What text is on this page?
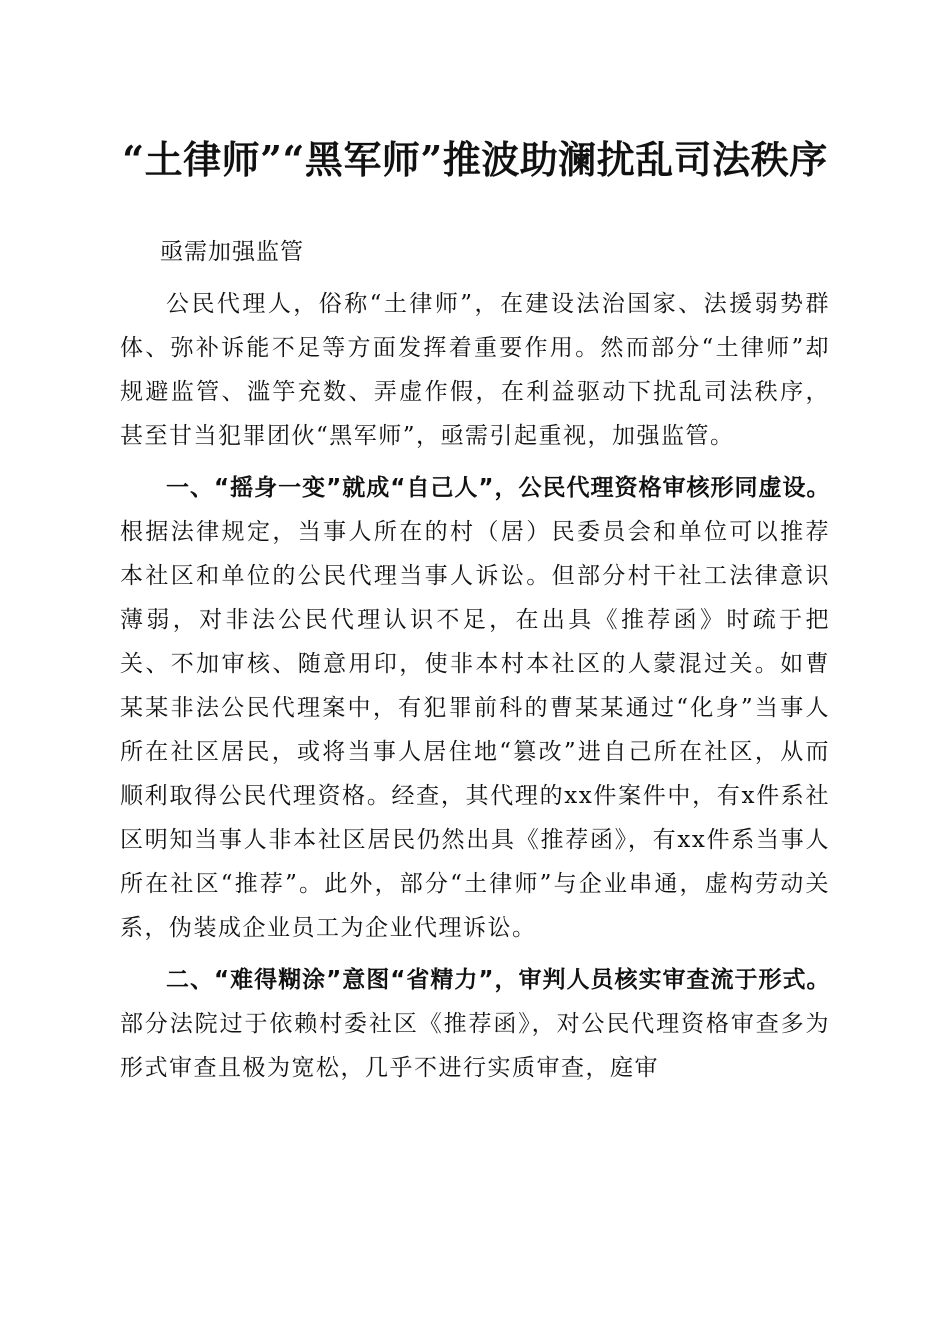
“土律师”“黑军师”推波助澜扰乱司法秩序

亟需加强监管

公民代理人，俗称“土律师”，在建设法治国家、法援弱势群体、弥补诉能不足等方面发挥着重要作用。然而部分“土律师”却规避监管、滥竽充数、弄虚作假，在利益驱动下扰乱司法秩序，甚至甘当犯罪团伙“黑军师”，亟需引起重视，加强监管。

一、“摇身一变”就成“自己人”，公民代理资格审核形同虚设。根据法律规定，当事人所在的村（居）民委员会和单位可以推荐本社区和单位的公民代理当事人诉讼。但部分村干社工法律意识薄弱，对非法公民代理认识不足，在出具《推荐函》时疏于把关、不加审核、随意用印，使非本村本社区的人蒙混过关。如曹某某非法公民代理案中，有犯罪前科的曹某某通过“化身”当事人所在社区居民，或将当事人居住地“篡改”进自己所在社区，从而顺利取得公民代理资格。经查，其代理的xx件案件中，有x件系社区明知当事人非本社区居民仍然出具《推荐函》，有xx件系当事人所在社区“推荐”。此外，部分“土律师”与企业串通，虚构劳动关系，伪装成企业员工为企业代理诉讼。

二、“难得糊涂”意图“省精力”，审判人员核实审查流于形式。部分法院过于依赖村委社区《推荐函》，对公民代理资格审查多为形式审查且极为宽松，几乎不进行实质审查，庭审
